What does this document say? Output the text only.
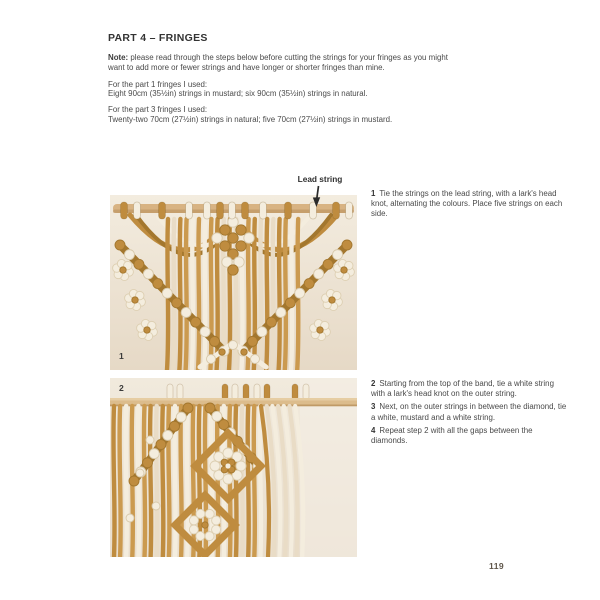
PART 4 – FRINGES

Note: please read through the steps below before cutting the strings for your fringes as you might want to add more or fewer strings and have longer or shorter fringes than mine.

For the part 1 fringes I used:

Eight 90cm (35½in) strings in mustard; six 90cm (35½in) strings in natural.

For the part 3 fringes I used:

Twenty-two 70cm (27½in) strings in natural; five 70cm (27½in) strings in mustard.

Lead string
1

1 Tie the strings on the lead string, with a lark's head knot, alternating the colours. Place five strings on each side.

2	2 Starting from the top of the band, tie a white string with a lark's head knot on the outer string.

3 Next, on the outer strings in between the diamond, tie a white, mustard and a white string.

4 Repeat step 2 with all the gaps between the diamonds.

119
